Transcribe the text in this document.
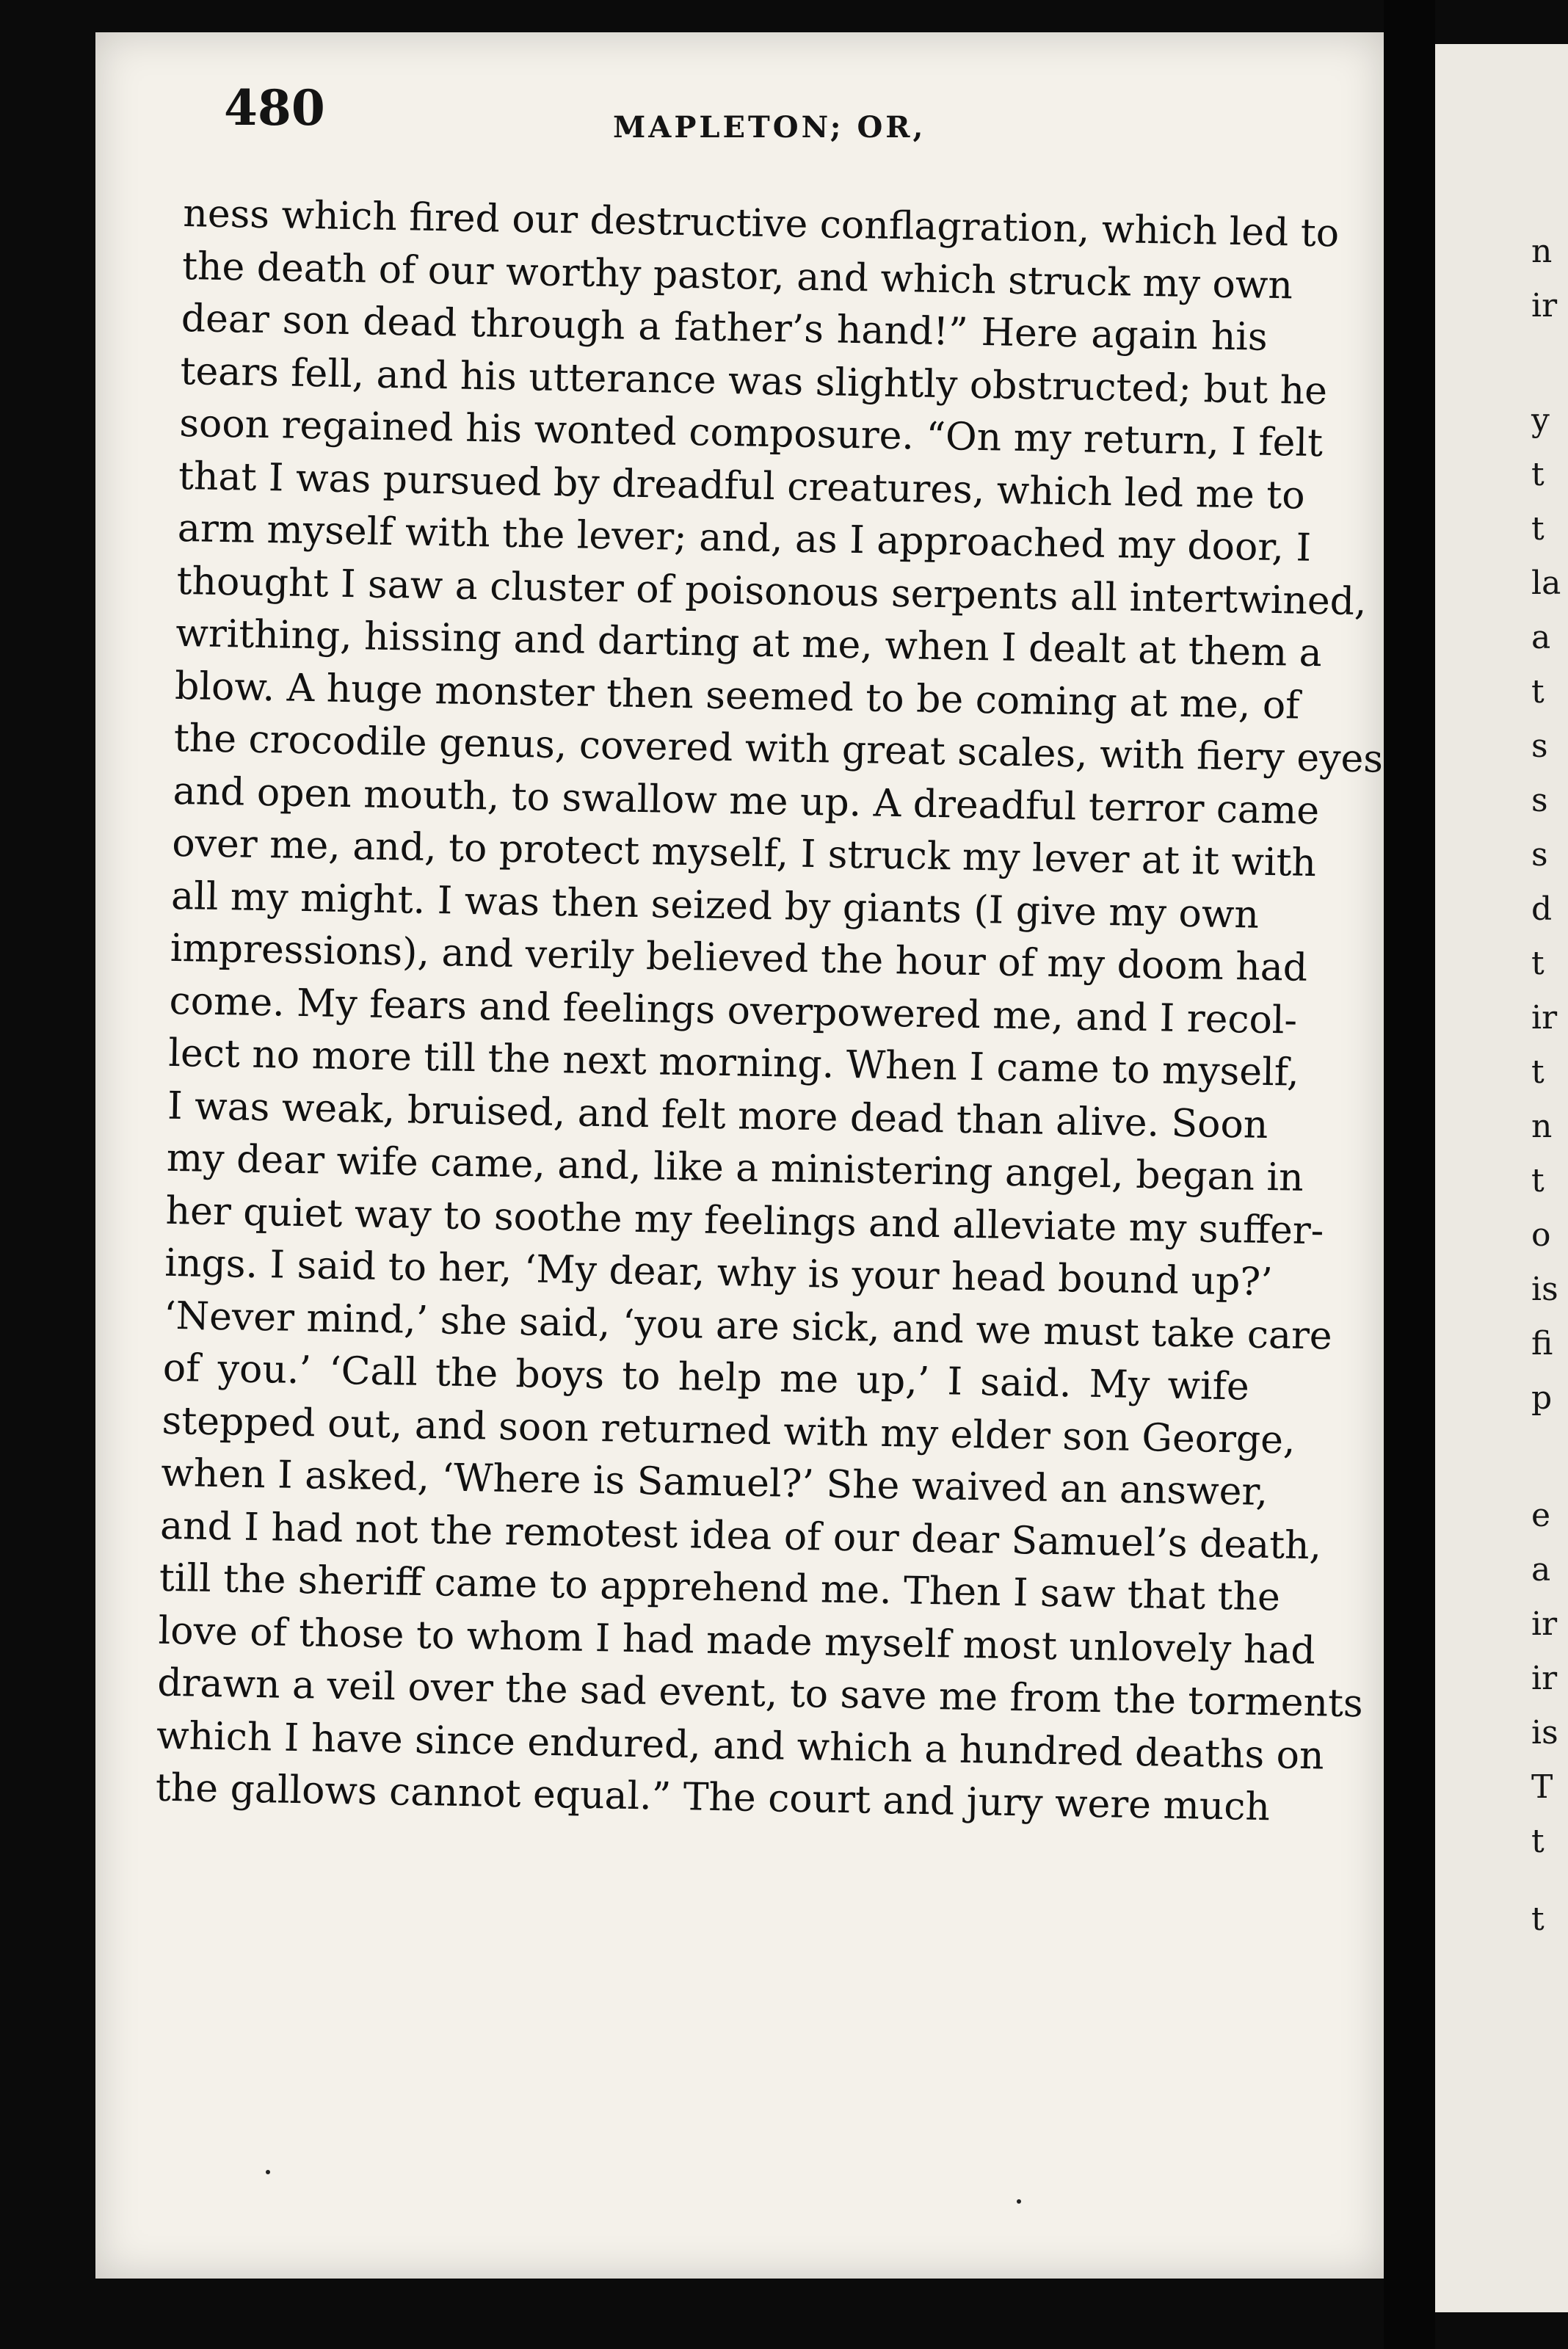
480	MAPLETON; OR,
ness which fired our destructive conflagration, which led to
the death of our worthy pastor, and which struck my own
dear son dead through a father’s hand!” Here again his
tears fell, and his utterance was slightly obstructed; but he
soon regained his wonted composure. “On my return, I felt
that I was pursued by dreadful creatures, which led me to
arm myself with the lever; and, as I approached my door, I
thought I saw a cluster of poisonous serpents all intertwined,
writhing, hissing and darting at me, when I dealt at them a
blow. A huge monster then seemed to be coming at me, of
the crocodile genus, covered with great scales, with fiery eyes
and open mouth, to swallow me up. A dreadful terror came
over me, and, to protect myself, I struck my lever at it with
all my might. I was then seized by giants (I give my own
impressions), and verily believed the hour of my doom had
come. My fears and feelings overpowered me, and I recol-
lect no more till the next morning. When I came to myself,
I was weak, bruised, and felt more dead than alive. Soon
my dear wife came, and, like a ministering angel, began in
her quiet way to soothe my feelings and alleviate my suffer-
ings. I said to her, ‘My dear, why is your head bound up?’
‘Never mind,’ she said, ‘you are sick, and we must take care
of you.’ ‘Call the boys to help me up,’ I said. My wife
stepped out, and soon returned with my elder son George,
when I asked, ‘Where is Samuel?’ She waived an answer,
and I had not the remotest idea of our dear Samuel’s death,
till the sheriff came to apprehend me. Then I saw that the
love of those to whom I had made myself most unlovely had
drawn a veil over the sad event, to save me from the torments
which I have since endured, and which a hundred deaths on
the gallows cannot equal.” The court and jury were much
n
ir
y
t
t
la
a
t
s
s
s
d
t
ir
t
n
t
o
is
fi
p
e
a
ir
ir
is
T
t
t
